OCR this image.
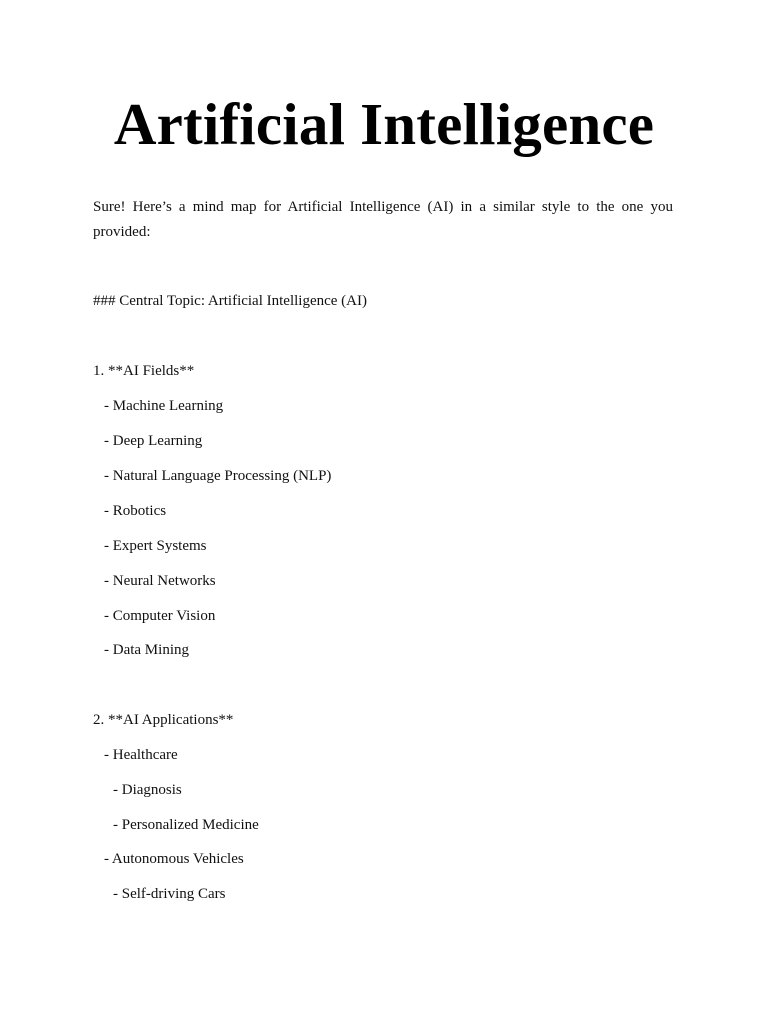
Artificial Intelligence

Sure! Here’s a mind map for Artificial Intelligence (AI) in a similar style to the one you provided:

### Central Topic: Artificial Intelligence (AI)

1. **AI Fields**

- Machine Learning

- Deep Learning

- Natural Language Processing (NLP)

- Robotics

- Expert Systems

- Neural Networks

- Computer Vision

- Data Mining

2. **AI Applications**

- Healthcare

- Diagnosis

- Personalized Medicine

- Autonomous Vehicles

- Self-driving Cars
